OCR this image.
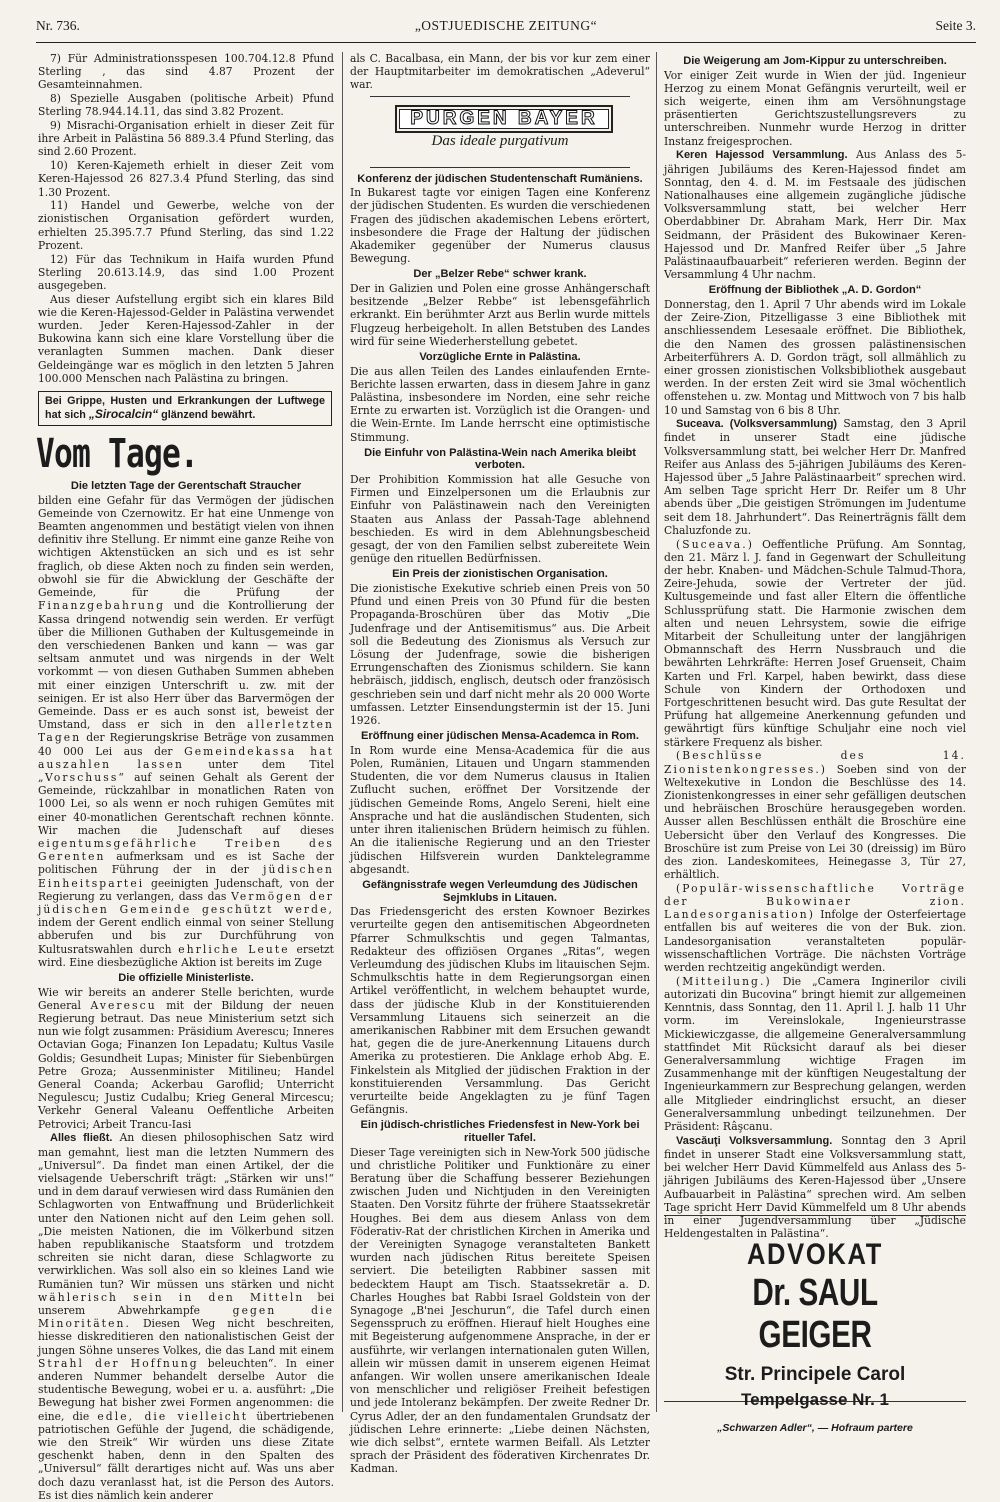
Nr. 736.	„OSTJUEDISCHE ZEITUNG“	Seite 3.

7) Für Administrationsspesen 100.704.12.8 Pfund Sterling , das sind 4.87 Prozent der Gesamteinnahmen.

8) Spezielle Ausgaben (politische Arbeit) Pfund Sterling 78.944.14.11, das sind 3.82 Prozent.

9) Misrachi-Organisation erhielt in dieser Zeit für ihre Arbeit in Palästina 56 889.3.4 Pfund Sterling, das sind 2.60 Prozent.

10) Keren-Kajemeth erhielt in dieser Zeit vom Keren-Hajessod 26 827.3.4 Pfund Sterling, das sind 1.30 Prozent.

11) Handel und Gewerbe, welche von der zionistischen Organisation gefördert wurden, erhielten 25.395.7.7 Pfund Sterling, das sind 1.22 Prozent.

12) Für das Technikum in Haifa wurden Pfund Sterling 20.613.14.9, das sind 1.00 Prozent ausgegeben.

Aus dieser Aufstellung ergibt sich ein klares Bild wie die Keren-Hajessod-Gelder in Palästina verwendet wurden. Jeder Keren-Hajessod-Zahler in der Bukowina kann sich eine klare Vorstellung über die veranlagten Summen machen. Dank dieser Geldeingänge war es möglich in den letzten 5 Jahren 100.000 Menschen nach Palästina zu bringen.

Bei Grippe, Husten und Erkrankungen der Luftwege hat sich „Sirocalcin“ glänzend bewährt.
Vom Tage.
Die letzten Tage der Gerentschaft Straucher

bilden eine Gefahr für das Vermögen der jüdischen Gemeinde von Czernowitz. Er hat eine Unmenge von Beamten angenommen und bestätigt vielen von ihnen definitiv ihre Stellung. Er nimmt eine ganze Reihe von wichtigen Aktenstücken an sich und es ist sehr fraglich, ob diese Akten noch zu finden sein werden, obwohl sie für die Abwicklung der Geschäfte der Gemeinde, für die Prüfung der Finanzgebahrung und die Kontrollierung der Kassa dringend notwendig sein werden. Er verfügt über die Millionen Guthaben der Kultusgemeinde in den verschiedenen Banken und kann — was gar seltsam anmutet und was nirgends in der Welt vorkommt — von diesen Guthaben Summen abheben mit einer einzigen Unterschrift u. zw. mit der seinigen. Er ist also Herr über das Barvermögen der Gemeinde. Dass er es auch sonst ist, beweist der Umstand, dass er sich in den allerletzten Tagen der Regierungskrise Beträge von zusammen 40 000 Lei aus der Gemeindekassa hat auszahlen lassen unter dem Titel „Vorschuss“ auf seinen Gehalt als Gerent der Gemeinde, rückzahlbar in monatlichen Raten von 1000 Lei, so als wenn er noch ruhigen Gemütes mit einer 40-monatlichen Gerentschaft rechnen könnte. Wir machen die Judenschaft auf dieses eigentumsgefährliche Treiben des Gerenten aufmerksam und es ist Sache der politischen Führung der in der jüdischen Einheitspartei geeinigten Judenschaft, von der Regierung zu verlangen, dass das Vermögen der jüdischen Gemeinde geschützt werde, indem der Gerent endlich einmal von seiner Stellung abberufen und bis zur Durchführung von Kultusratswahlen durch ehrliche Leute ersetzt wird. Eine diesbezügliche Aktion ist bereits im Zuge

Die offizielle Ministerliste.

Wie wir bereits an anderer Stelle berichten, wurde General Averescu mit der Bildung der neuen Regierung betraut. Das neue Ministerium setzt sich nun wie folgt zusammen: Präsidium Averescu; Inneres Octavian Goga; Finanzen Ion Lepadatu; Kultus Vasile Goldis; Gesundheit Lupas; Minister für Siebenbürgen Petre Groza; Aussenminister Mitilineu; Handel General Coanda; Ackerbau Garoflid; Unterricht Negulescu; Justiz Cudalbu; Krieg General Mircescu; Verkehr General Valeanu Oeffentliche Arbeiten Petrovici; Arbeit Trancu-Iasi

Alles fließt. An diesen philosophischen Satz wird man gemahnt, liest man die letzten Nummern des „Universul“. Da findet man einen Artikel, der die vielsagende Ueberschrift trägt: „Stärken wir uns!“ und in dem darauf verwiesen wird dass Rumänien den Schlagworten von Entwaffnung und Brüderlichkeit unter den Nationen nicht auf den Leim gehen soll. „Die meisten Nationen, die im Völkerbund sitzen haben republikanische Staatsform und trotzdem schreiten sie nicht daran, diese Schlagworte zu verwirklichen. Was soll also ein so kleines Land wie Rumänien tun? Wir müssen uns stärken und nicht wählerisch sein in den Mitteln bei unserem Abwehrkampfe	gegen die Minoritäten. Diesen Weg nicht beschreiten, hiesse diskreditieren den nationalistischen Geist der jungen Söhne unseres Volkes, die das Land mit einem Strahl der Hoffnung beleuchten“. In einer anderen Nummer behandelt derselbe Autor die studentische Bewegung, wobei er u. a. ausführt: „Die Bewegung hat bisher zwei Formen angenommen: die eine, die edle, die vielleicht übertriebenen patriotischen Gefühle der Jugend, die schädigende, wie den Streik“ Wir würden uns diese Zitate geschenkt haben, denn in den Spalten des „Universul“ fällt derartiges nicht auf. Was uns aber doch dazu veranlasst hat, ist die Person des Autors. Es ist dies nämlich kein anderer

als C. Bacalbasa, ein Mann, der bis vor kur zem einer der Hauptmitarbeiter im demokratischen „Adeverul“ war.

PURGEN BAYER
Das ideale purgativum
Konferenz der jüdischen Studentenschaft Rumäniens.

In Bukarest tagte vor einigen Tagen eine Konferenz der jüdischen Studenten. Es wurden die verschiedenen Fragen des jüdischen akademischen Lebens erörtert, insbesondere die Frage der Haltung der jüdischen Akademiker gegenüber der Numerus clausus Bewegung.

Der „Belzer Rebe“ schwer krank.

Der in Galizien und Polen eine grosse Anhängerschaft besitzende „Belzer Rebbe“ ist lebensgefährlich erkrankt. Ein berühmter Arzt aus Berlin wurde mittels Flugzeug herbeigeholt. In allen Betstuben des Landes wird für seine Wiederherstellung gebetet.

Vorzügliche Ernte in Palästina.

Die aus allen Teilen des Landes einlaufenden Ernte-Berichte lassen erwarten, dass in diesem Jahre in ganz Palästina, insbesondere im Norden, eine sehr reiche Ernte zu erwarten ist. Vorzüglich ist die Orangen- und die Wein-Ernte. Im Lande herrscht eine optimistische Stimmung.

Die Einfuhr von Palästina-Wein nach Amerika bleibt verboten.

Der Prohibition Kommission hat alle Gesuche von Firmen und Einzelpersonen um die Erlaubnis zur Einfuhr von Palästinawein nach den Vereinigten Staaten aus Anlass der Passah-Tage ablehnend beschieden. Es wird in dem Ablehnungsbescheid gesagt, der von den Familien selbst zubereitete Wein genüge den rituellen Bedürfnissen.

Ein Preis der zionistischen Organisation.

Die zionistische Exekutive schrieb einen Preis von 50 Pfund und einen Preis von 30 Pfund für die besten Propaganda-Broschüren über das Motiv „Die Judenfrage und der Antisemitismus“ aus. Die Arbeit soll die Bedeutung des Zionismus als Versuch zur Lösung der Judenfrage, sowie die bisherigen Errungenschaften des Zionismus schildern. Sie kann hebräisch, jiddisch, englisch, deutsch oder französisch geschrieben sein und darf nicht mehr als 20 000 Worte umfassen. Letzter Einsendungstermin ist der 15. Juni 1926.

Eröffnung einer jüdischen Mensa-Academca in Rom.

In Rom wurde eine Mensa-Academica für die aus Polen, Rumänien, Litauen und Ungarn stammenden Studenten, die vor dem Numerus clausus in Italien Zuflucht suchen, eröffnet Der Vorsitzende der jüdischen Gemeinde Roms, Angelo Sereni, hielt eine Ansprache und hat die ausländischen Studenten, sich unter ihren italienischen Brüdern heimisch zu fühlen. An die italienische Regierung und an den Triester jüdischen Hilfsverein wurden Danktelegramme abgesandt.

Gefängnisstrafe wegen Verleumdung des Jüdischen Sejmklubs in Litauen.

Das Friedensgericht des ersten Kownoer Bezirkes verurteilte gegen den antisemitischen Abgeordneten Pfarrer Schmulkschtis und gegen Talmantas, Redakteur des offiziösen Organes „Ritas“, wegen Verleumdung des jüdischen Klubs im litauischen Sejm. Schmulkschtis hatte in dem Regierungsorgan einen Artikel veröffentlicht, in welchem behauptet wurde, dass der jüdische Klub in der Konstituierenden Versammlung Litauens sich seinerzeit an die amerikanischen Rabbiner mit dem Ersuchen gewandt hat, gegen die de jure-Anerkennung Litauens durch Amerika zu protestieren. Die Anklage erhob Abg. E. Finkelstein als Mitglied der jüdischen Fraktion in der konstituierenden Versammlung. Das Gericht verurteilte beide Angeklagten zu je fünf Tagen Gefängnis.

Ein jüdisch-christliches Friedensfest in New-York bei ritueller Tafel.

Dieser Tage vereinigten sich in New-York 500 jüdische und christliche Politiker und Funktionäre zu einer Beratung über die Schaffung besserer Beziehungen zwischen Juden und Nichtjuden in den Vereinigten Staaten. Den Vorsitz führte der frühere Staatssekretär Houghes. Bei dem aus diesem Anlass von dem Föderativ-Rat der christlichen Kirchen in Amerika und der Vereinigten Synagoge veranstalteten Bankett wurden nach jüdischen Ritus bereitete Speisen serviert. Die beteiligten Rabbiner sassen mit bedecktem Haupt am Tisch. Staatssekretär a. D. Charles Houghes bat Rabbi Israel Goldstein von der Synagoge „B'nei Jeschurun“, die Tafel durch einen Segensspruch zu eröffnen. Hierauf hielt Houghes eine mit Begeisterung aufgenommene Ansprache, in der er ausführte, wir verlangen internationalen guten Willen, allein wir müssen damit in unserem eigenen Heimat anfangen. Wir wollen unsere amerikanischen Ideale von menschlicher und religiöser Freiheit befestigen und jede Intoleranz bekämpfen. Der zweite Redner Dr. Cyrus Adler, der an den fundamentalen Grundsatz der jüdischen Lehre erinnerte: „Liebe deinen Nächsten, wie dich selbst“, erntete warmen Beifall. Als Letzter sprach der Präsident des föderativen Kirchenrates Dr. Kadman.

Die Weigerung am Jom-Kippur zu unterschreiben.

Vor einiger Zeit wurde in Wien der jüd. Ingenieur Herzog zu einem Monat Gefängnis verurteilt, weil er sich weigerte, einen ihm am Versöhnungstage präsentierten Gerichtszustellungsrevers zu unterschreiben. Nunmehr wurde Herzog in dritter Instanz freigesprochen.

Keren Hajessod Versammlung. Aus Anlass des 5-jährigen Jubiläums des Keren-Hajessod findet am Sonntag, den 4. d. M. im Festsaale des jüdischen Nationalhauses eine allgemein zugängliche jüdische Volksversammlung statt, bei welcher Herr Oberdabbiner Dr. Abraham Mark, Herr Dir. Max Seidmann, der Präsident des Bukowinaer Keren-Hajessod und Dr. Manfred Reifer über „5 Jahre Palästinaaufbauarbeit“ referieren werden. Beginn der Versammlung 4 Uhr nachm.

Eröffnung der Bibliothek „A. D. Gordon“

Donnerstag, den 1. April 7 Uhr abends wird im Lokale der Zeire-Zion, Pitzelligasse 3 eine Bibliothek mit anschliessendem Lesesaale eröffnet. Die Bibliothek, die den Namen des grossen palästinensischen Arbeiterführers A. D. Gordon trägt, soll allmählich zu einer grossen zionistischen Volksbibliothek ausgebaut werden. In der ersten Zeit wird sie 3mal wöchentlich offenstehen u. zw. Montag und Mittwoch von 7 bis halb 10 und Samstag von 6 bis 8 Uhr.

Suceava. (Volksversammlung) Samstag, den 3 April findet in unserer Stadt eine jüdische Volksversammlung statt, bei welcher Herr Dr. Manfred Reifer aus Anlass des 5-jährigen Jubiläums des Keren-Hajessod über „5 Jahre Palästinaarbeit“ sprechen wird. Am selben Tage spricht Herr Dr. Reifer um 8 Uhr abends über „Die geistigen Strömungen im Judentume seit dem 18. Jahrhundert“. Das Reinerträgnis fällt dem Chaluzfonde zu.

(Suceava.) Oeffentliche Prüfung. Am Sonntag, den 21. März l. J. fand in Gegenwart der Schulleitung der hebr. Knaben- und Mädchen-Schule Talmud-Thora, Zeire-Jehuda, sowie der Vertreter der jüd. Kultusgemeinde und fast aller Eltern die öffentliche Schlussprüfung statt. Die Harmonie zwischen dem alten und neuen Lehrsystem, sowie die eifrige Mitarbeit der Schulleitung unter der langjährigen Obmannschaft des Herrn Nussbrauch und die bewährten Lehrkräfte: Herren Josef Gruenseit, Chaim Karten und Frl. Karpel, haben bewirkt, dass diese Schule von Kindern der Orthodoxen und Fortgeschrittenen besucht wird. Das gute Resultat der Prüfung hat allgemeine Anerkennung gefunden und gewährtigt fürs künftige Schuljahr eine noch viel stärkere Frequenz als bisher.

(Beschlüsse des 14. Zionistenkongresses.) Soeben sind von der Weltexekutive in London die Beschlüsse des 14. Zionistenkongresses in einer sehr gefälligen deutschen und hebräischen Broschüre herausgegeben worden. Ausser allen Beschlüssen enthält die Broschüre eine Uebersicht über den Verlauf des Kongresses. Die Broschüre ist zum Preise von Lei 30 (dreissig) im Büro des zion. Landeskomitees, Heinegasse 3, Tür 27, erhältlich.

(Populär-wissenschaftliche Vorträge der Bukowinaer zion. Landesorganisation) Infolge der Osterfeiertage entfallen bis auf weiteres die von der Buk. zion. Landesorganisation veranstalteten populär-wissenschaftlichen Vorträge. Die nächsten Vorträge werden rechtzeitig angekündigt werden.

(Mitteilung.) Die „Camera Inginerilor civili autorizati din Bucovina“ bringt hiemit zur allgemeinen Kenntnis, dass Sonntag, den 11. April l. J. halb 11 Uhr vorm. im Vereinslokale, Ingenieurstrasse Mickiewiczgasse, die allgemeine Generalversammlung stattfindet Mit Rücksicht darauf als bei dieser Generalversammlung wichtige Fragen im Zusammenhange mit der künftigen Neugestaltung der Ingenieurkammern zur Besprechung gelangen, werden alle Mitglieder eindringlichst ersucht, an dieser Generalversammlung unbedingt teilzunehmen. Der Präsident: Râşcanu.

Vascăuţi Volksversammlung. Sonntag den 3 April findet in unserer Stadt eine Volksversammlung statt, bei welcher Herr David Kümmelfeld aus Anlass des 5-jährigen Jubiläums des Keren-Hajessod über „Unsere Aufbauarbeit in Palästina“ sprechen wird. Am selben Tage spricht Herr David Kümmelfeld um 8 Uhr abends in einer Jugendversammlung über „Jüdische Heldengestalten in Palästina“.

ADVOKAT
Dr. SAUL GEIGER
Str. Principele Carol
Tempelgasse Nr. 1
„Schwarzen Adler“, — Hofraum partere
